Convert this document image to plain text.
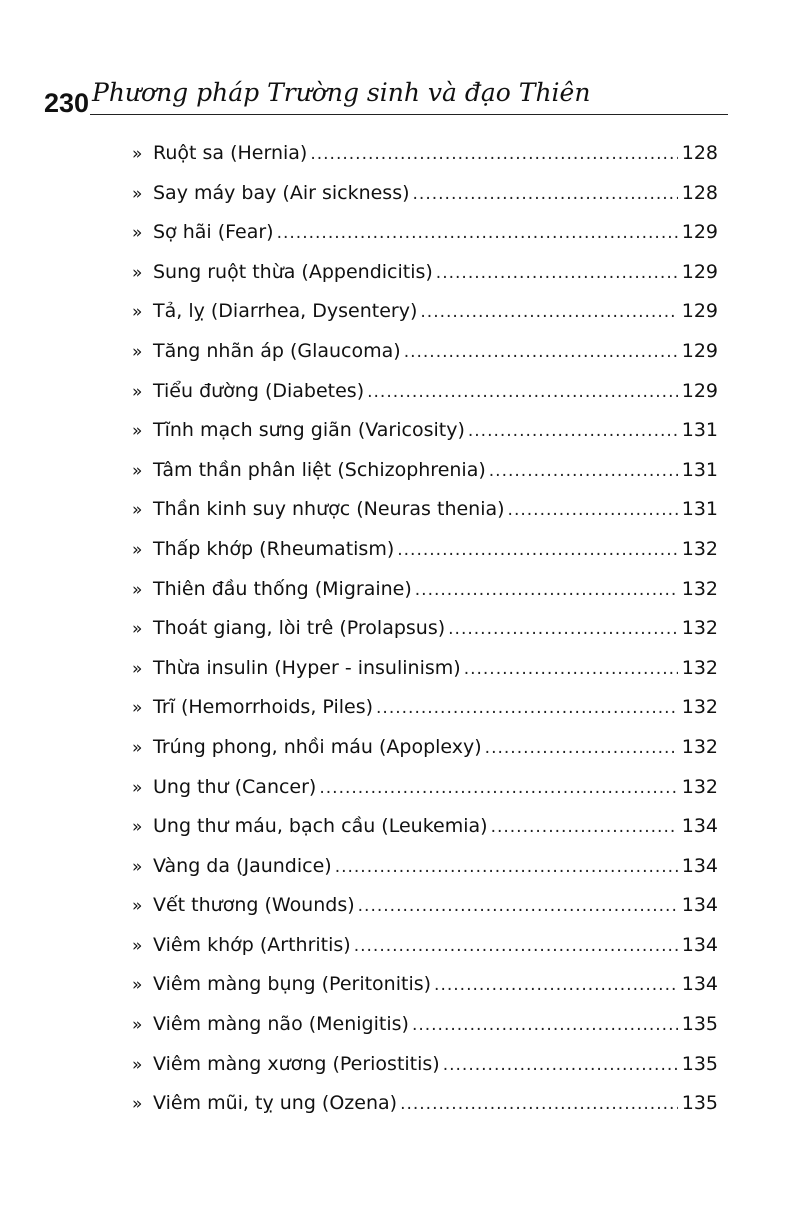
230 Phương pháp Trường sinh và đạo Thiên
» Ruột sa (Hernia) .....	128
» Say máy bay (Air sickness) .....	128
» Sợ hãi (Fear) .....	129
» Sung ruột thừa (Appendicitis) .....	129
» Tả, lỵ (Diarrhea, Dysentery) .....	129
» Tăng nhãn áp (Glaucoma) .....	129
» Tiểu đường (Diabetes) .....	129
» Tĩnh mạch sưng giãn (Varicosity) .....	131
» Tâm thần phân liệt (Schizophrenia) .....	131
» Thần kinh suy nhược (Neuras thenia) .....	131
» Thấp khớp (Rheumatism) .....	132
» Thiên đầu thống (Migraine) .....	132
» Thoát giang, lòi trê (Prolapsus) .....	132
» Thừa insulin (Hyper - insulinism) .....	132
» Trĩ (Hemorrhoids, Piles) .....	132
» Trúng phong, nhồi máu (Apoplexy) .....	132
» Ung thư (Cancer) .....	132
» Ung thư máu, bạch cầu (Leukemia) .....	134
» Vàng da (Jaundice) .....	134
» Vết thương (Wounds) .....	134
» Viêm khớp (Arthritis) .....	134
» Viêm màng bụng (Peritonitis) .....	134
» Viêm màng não (Menigitis) .....	135
» Viêm màng xương (Periostitis) .....	135
» Viêm mũi, tỵ ung (Ozena) .....	135
